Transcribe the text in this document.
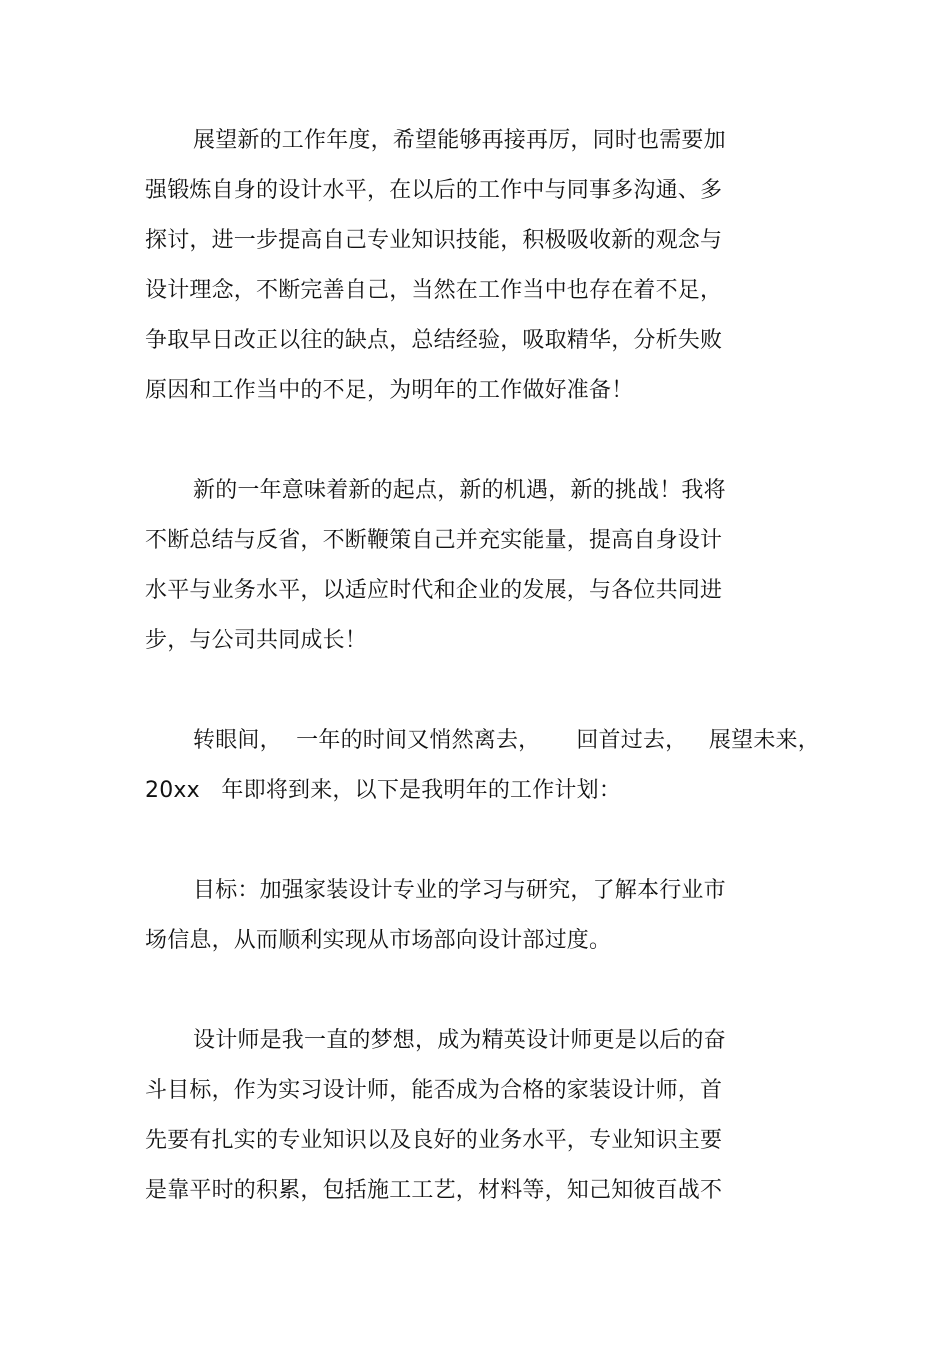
展望新的工作年度，希望能够再接再厉，同时也需要加
强锻炼自身的设计水平，在以后的工作中与同事多沟通、多
探讨，进一步提高自己专业知识技能，积极吸收新的观念与
设计理念，不断完善自己，当然在工作当中也存在着不足，
争取早日改正以往的缺点，总结经验，吸取精华，分析失败
原因和工作当中的不足，为明年的工作做好准备！
新的一年意味着新的起点，新的机遇，新的挑战！我将
不断总结与反省，不断鞭策自己并充实能量，提高自身设计
水平与业务水平，以适应时代和企业的发展，与各位共同进
步，与公司共同成长！
转眼间，  一年的时间又悄然离去，     回首过去，   展望未来，
20xx   年即将到来，以下是我明年的工作计划：
目标：加强家装设计专业的学习与研究，了解本行业市
场信息，从而顺利实现从市场部向设计部过度。
设计师是我一直的梦想，成为精英设计师更是以后的奋
斗目标，作为实习设计师，能否成为合格的家装设计师，首
先要有扎实的专业知识以及良好的业务水平，专业知识主要
是靠平时的积累，包括施工工艺，材料等，知己知彼百战不
